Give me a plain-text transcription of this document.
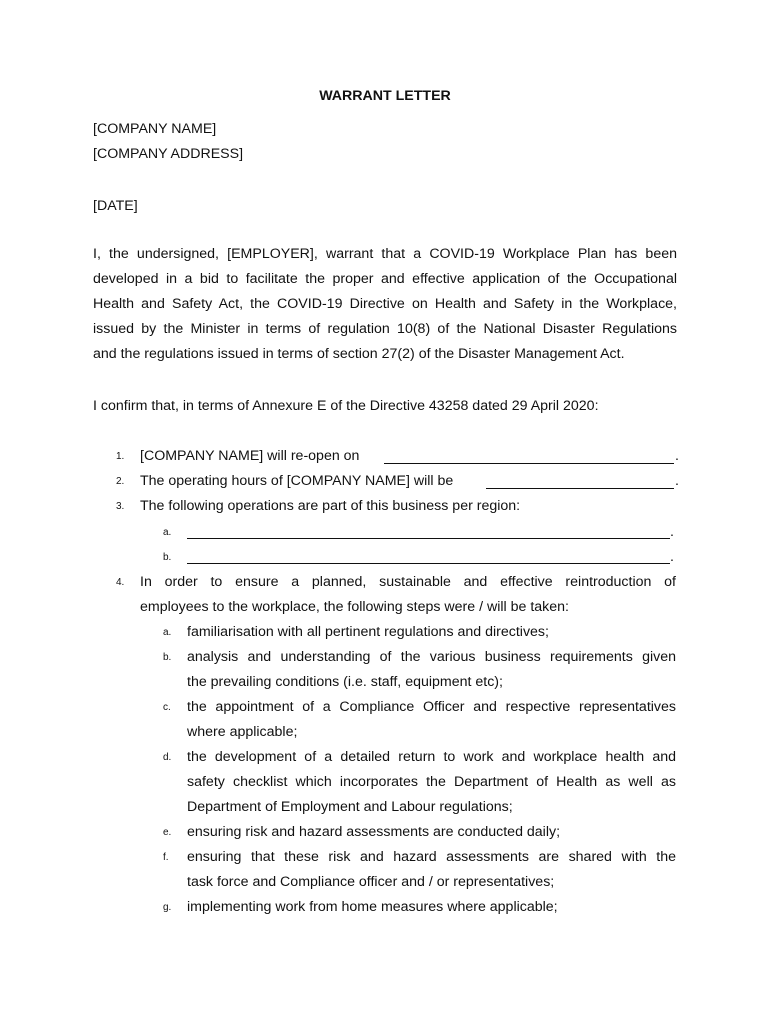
WARRANT LETTER
[COMPANY NAME]
[COMPANY ADDRESS]
[DATE]
I, the undersigned, [EMPLOYER], warrant that a COVID-19 Workplace Plan has been
developed in a bid to facilitate the proper and effective application of the Occupational
Health and Safety Act, the COVID-19 Directive on Health and Safety in the Workplace,
issued by the Minister in terms of regulation 10(8) of the National Disaster Regulations
and the regulations issued in terms of section 27(2) of the Disaster Management Act.
I confirm that, in terms of Annexure E of the Directive 43258 dated 29 April 2020:
1. [COMPANY NAME] will re-open on	.
2. The operating hours of [COMPANY NAME] will be	.
3. The following operations are part of this business per region:
a.	.
b.	.
4. In order to ensure a planned, sustainable and effective reintroduction of
employees to the workplace, the following steps were / will be taken:
a. familiarisation with all pertinent regulations and directives;
b. analysis and understanding of the various business requirements given
the prevailing conditions (i.e. staff, equipment etc);
c. the appointment of a Compliance Officer and respective representatives
where applicable;
d. the development of a detailed return to work and workplace health and
safety checklist which incorporates the Department of Health as well as
Department of Employment and Labour regulations;
e. ensuring risk and hazard assessments are conducted daily;
f. ensuring that these risk and hazard assessments are shared with the
task force and Compliance officer and / or representatives;
g. implementing work from home measures where applicable;
